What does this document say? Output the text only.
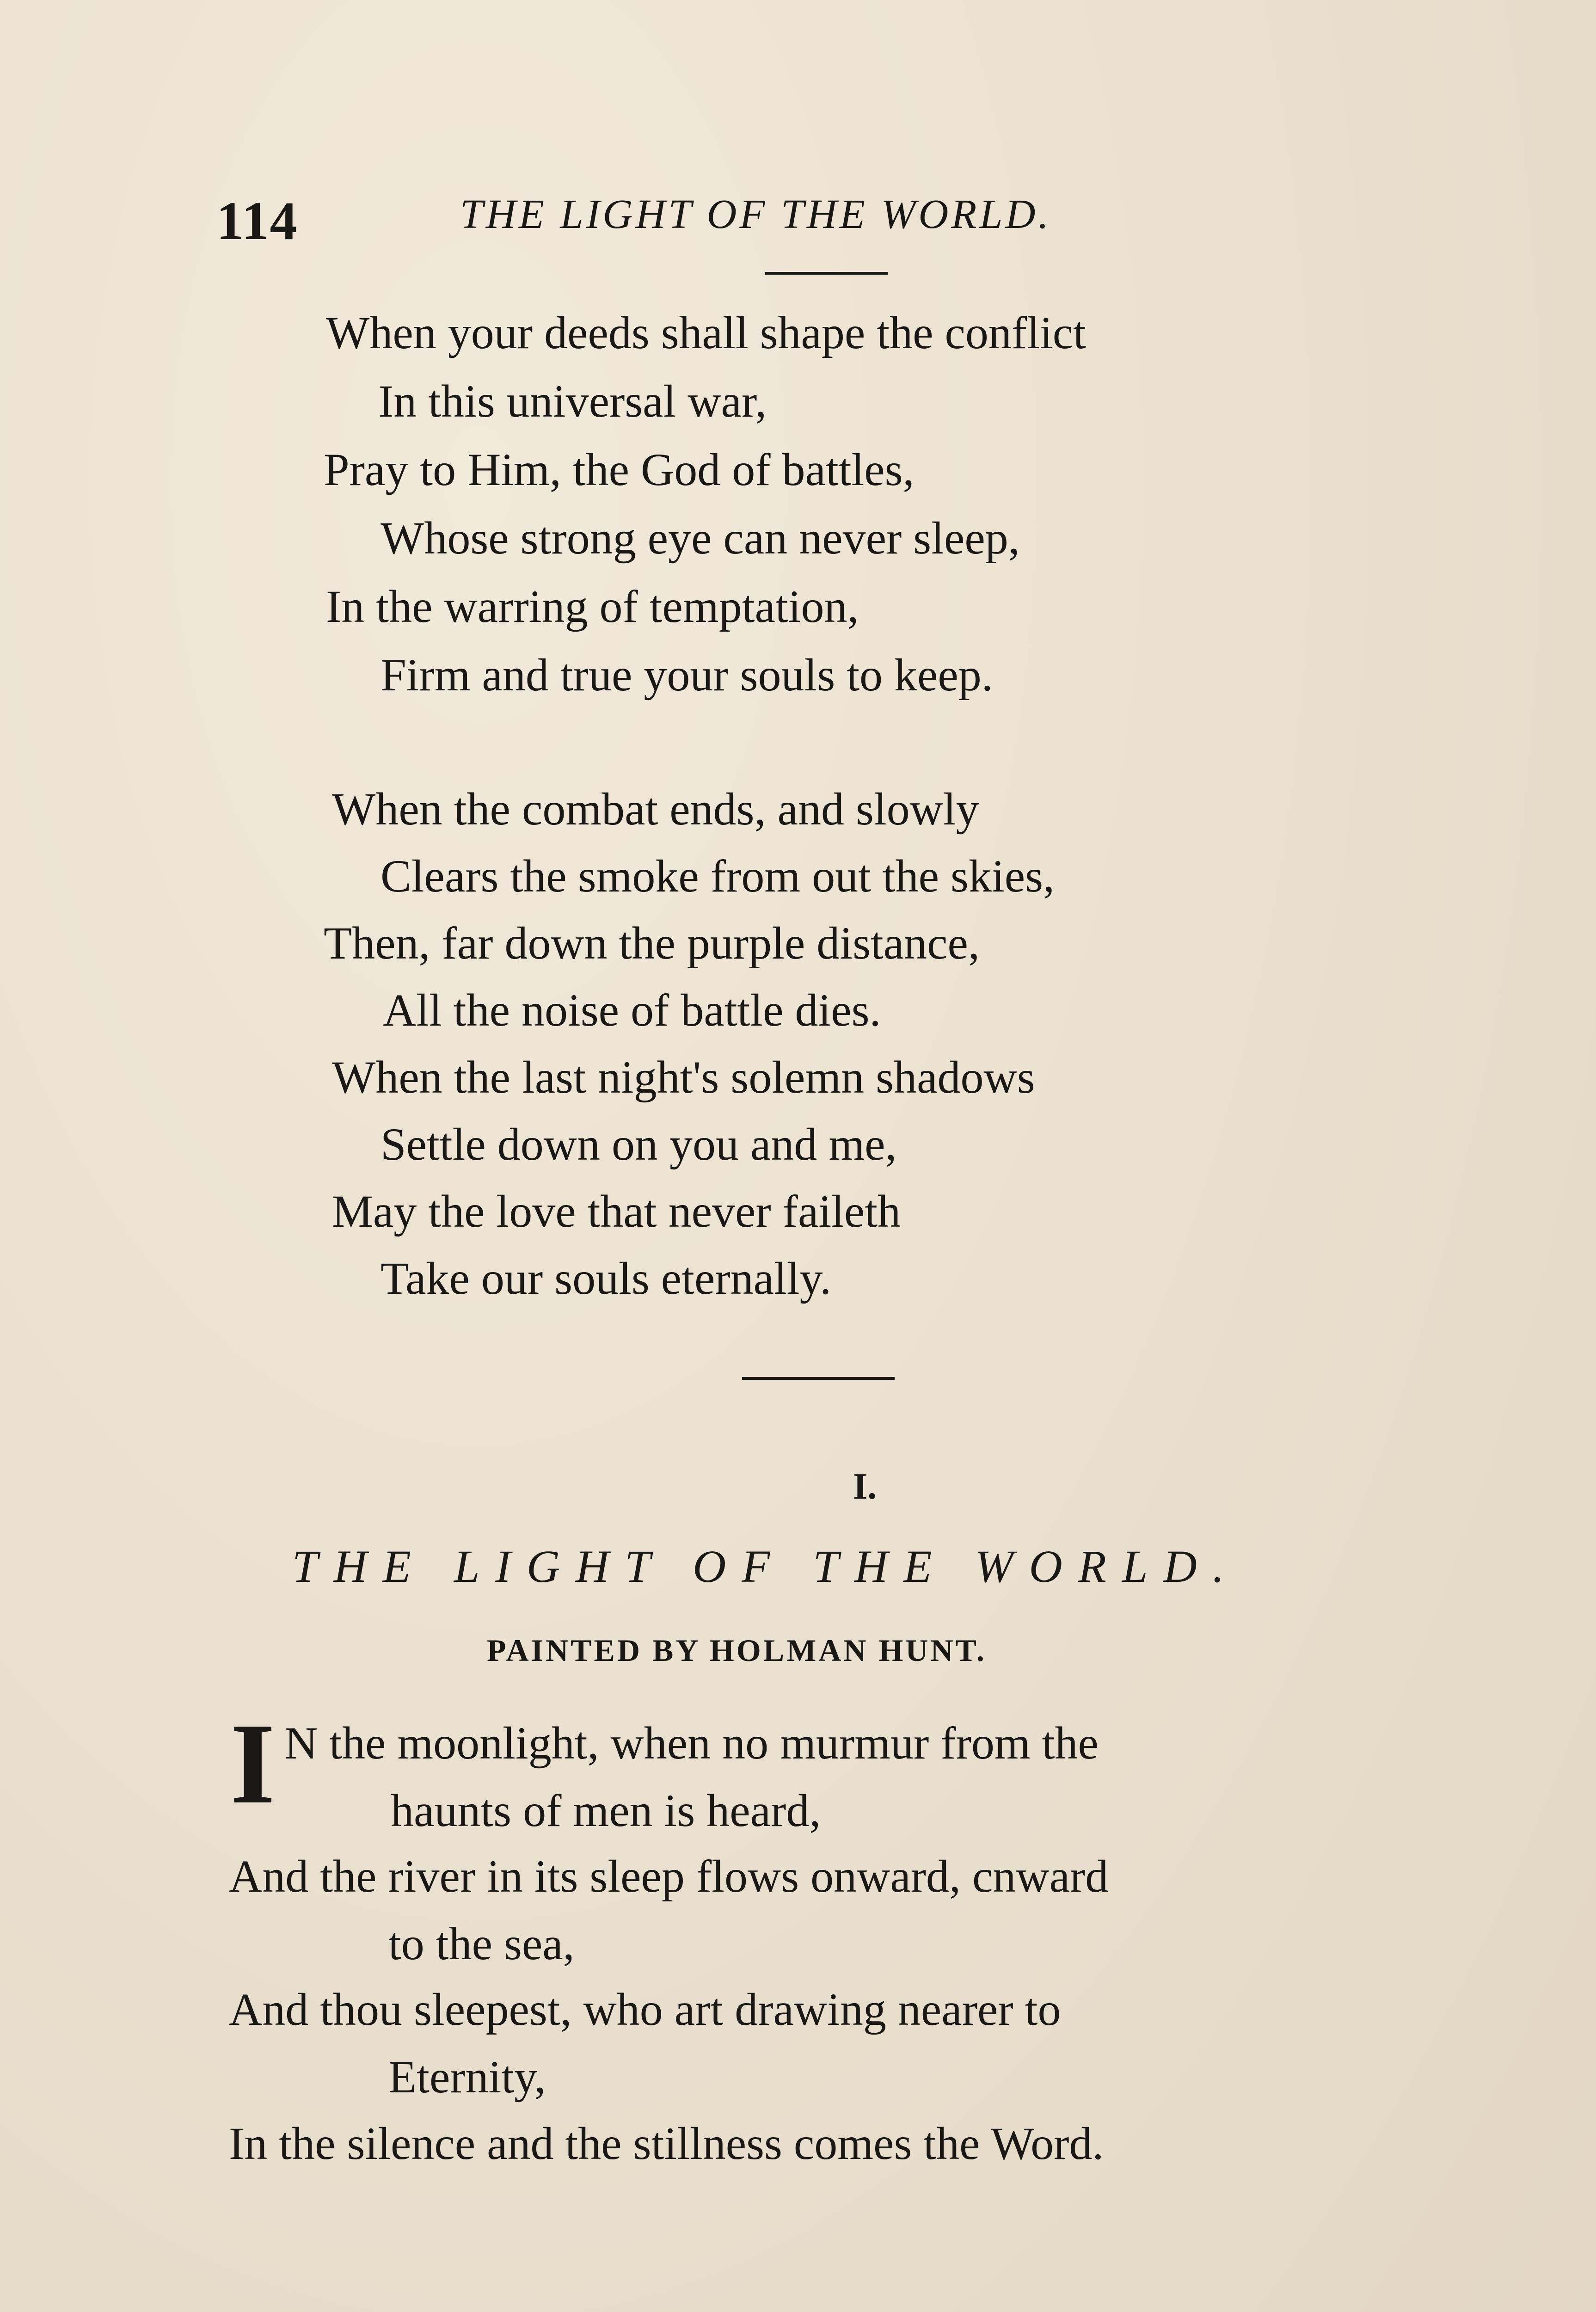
114	THE LIGHT OF THE WORLD.
When your deeds shall shape the conflict
In this universal war,
Pray to Him, the God of battles,
Whose strong eye can never sleep,
In the warring of temptation,
Firm and true your souls to keep.
When the combat ends, and slowly
Clears the smoke from out the skies,
Then, far down the purple distance,
All the noise of battle dies.
When the last night's solemn shadows
Settle down on you and me,
May the love that never faileth
Take our souls eternally.
I.
THE LIGHT OF THE WORLD.
PAINTED BY HOLMAN HUNT.
I N the moonlight, when no murmur from the
haunts of men is heard,
And the river in its sleep flows onward, cnward
to the sea,
And thou sleepest, who art drawing nearer to
Eternity,
In the silence and the stillness comes the Word.
